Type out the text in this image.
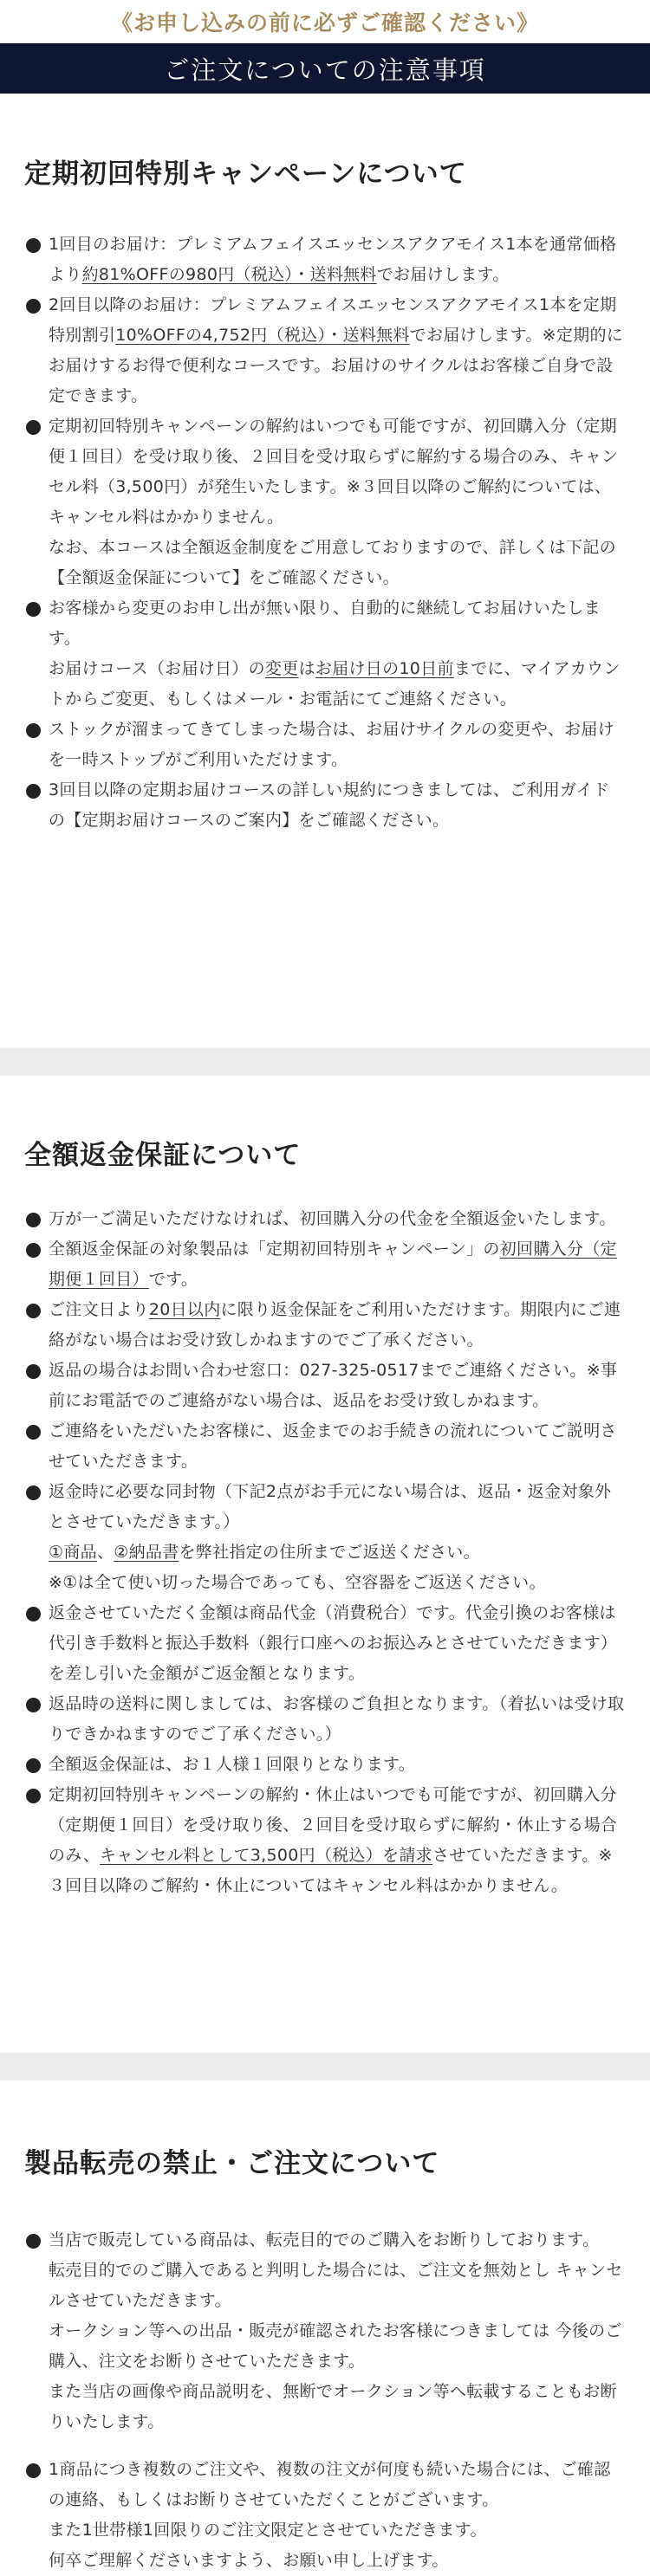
《お申し込みの前に必ずご確認ください》
ご注文についての注意事項
定期初回特別キャンペーンについて
1回目のお届け：プレミアムフェイスエッセンスアクアモイス1本を通常価格より約81%OFFの980円（税込）・送料無料でお届けします。
2回目以降のお届け：プレミアムフェイスエッセンスアクアモイス1本を定期特別割引10%OFFの4,752円（税込）・送料無料でお届けします。※定期的にお届けするお得で便利なコースです。お届けのサイクルはお客様ご自身で設定できます。
定期初回特別キャンペーンの解約はいつでも可能ですが、初回購入分（定期便１回目）を受け取り後、２回目を受け取らずに解約する場合のみ、キャンセル料（3,500円）が発生いたします。※３回目以降のご解約については、キャンセル料はかかりません。
なお、本コースは全額返金制度をご用意しておりますので、詳しくは下記の【全額返金保証について】をご確認ください。
お客様から変更のお申し出が無い限り、自動的に継続してお届けいたします。
お届けコース（お届け日）の変更はお届け日の10日前までに、マイアカウントからご変更、もしくはメール・お電話にてご連絡ください。
ストックが溜まってきてしまった場合は、お届けサイクルの変更や、お届けを一時ストップがご利用いただけます。
3回目以降の定期お届けコースの詳しい規約につきましては、ご利用ガイドの【定期お届けコースのご案内】をご確認ください。
全額返金保証について
万が一ご満足いただけなければ、初回購入分の代金を全額返金いたします。
全額返金保証の対象製品は「定期初回特別キャンペーン」の初回購入分（定期便１回目）です。
ご注文日より20日以内に限り返金保証をご利用いただけます。期限内にご連絡がない場合はお受け致しかねますのでご了承ください。
返品の場合はお問い合わせ窓口：027-325-0517までご連絡ください。※事前にお電話でのご連絡がない場合は、返品をお受け致しかねます。
ご連絡をいただいたお客様に、返金までのお手続きの流れについてご説明させていただきます。
返金時に必要な同封物（下記2点がお手元にない場合は、返品・返金対象外とさせていただきます。）
①商品、②納品書を弊社指定の住所までご返送ください。
※①は全て使い切った場合であっても、空容器をご返送ください。
返金させていただく金額は商品代金（消費税合）です。代金引換のお客様は代引き手数料と振込手数料（銀行口座へのお振込みとさせていただきます）を差し引いた金額がご返金額となります。
返品時の送料に関しましては、お客様のご負担となります。（着払いは受け取りできかねますのでご了承ください。）
全額返金保証は、お１人様１回限りとなります。
定期初回特別キャンペーンの解約・休止はいつでも可能ですが、初回購入分（定期便１回目）を受け取り後、２回目を受け取らずに解約・休止する場合のみ、キャンセル料として3,500円（税込）を請求させていただきます。※３回目以降のご解約・休止についてはキャンセル料はかかりません。
製品転売の禁止・ご注文について
当店で販売している商品は、転売目的でのご購入をお断りしております。
転売目的でのご購入であると判明した場合には、ご注文を無効とし キャンセルさせていただきます。
オークション等への出品・販売が確認されたお客様につきましては 今後のご購入、注文をお断りさせていただきます。
また当店の画像や商品説明を、無断でオークション等へ転載することもお断りいたします。
1商品につき複数のご注文や、複数の注文が何度も続いた場合には、ご確認の連絡、もしくはお断りさせていただくことがございます。
また1世帯様1回限りのご注文限定とさせていただきます。
何卒ご理解くださいますよう、お願い申し上げます。
